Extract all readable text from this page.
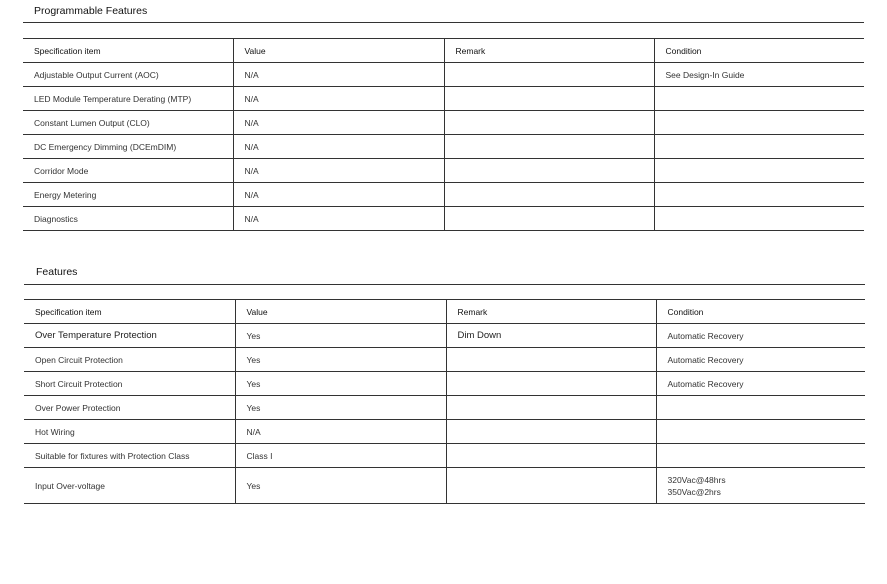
Programmable Features
Specification item	Value	Remark	Condition
Adjustable Output Current (AOC)	N/A		See Design-In Guide
LED Module Temperature Derating (MTP)	N/A		
Constant Lumen Output (CLO)	N/A		
DC Emergency Dimming (DCEmDIM)	N/A		
Corridor Mode	N/A		
Energy Metering	N/A		
Diagnostics	N/A		
Features
Specification item	Value	Remark	Condition
Over Temperature Protection	Yes	Dim Down	Automatic Recovery
Open Circuit Protection	Yes		Automatic Recovery
Short Circuit Protection	Yes		Automatic Recovery
Over Power Protection	Yes		
Hot Wiring	N/A		
Suitable for fixtures with Protection Class	Class I		
Input Over-voltage	Yes		320Vac@48hrs
350Vac@2hrs
